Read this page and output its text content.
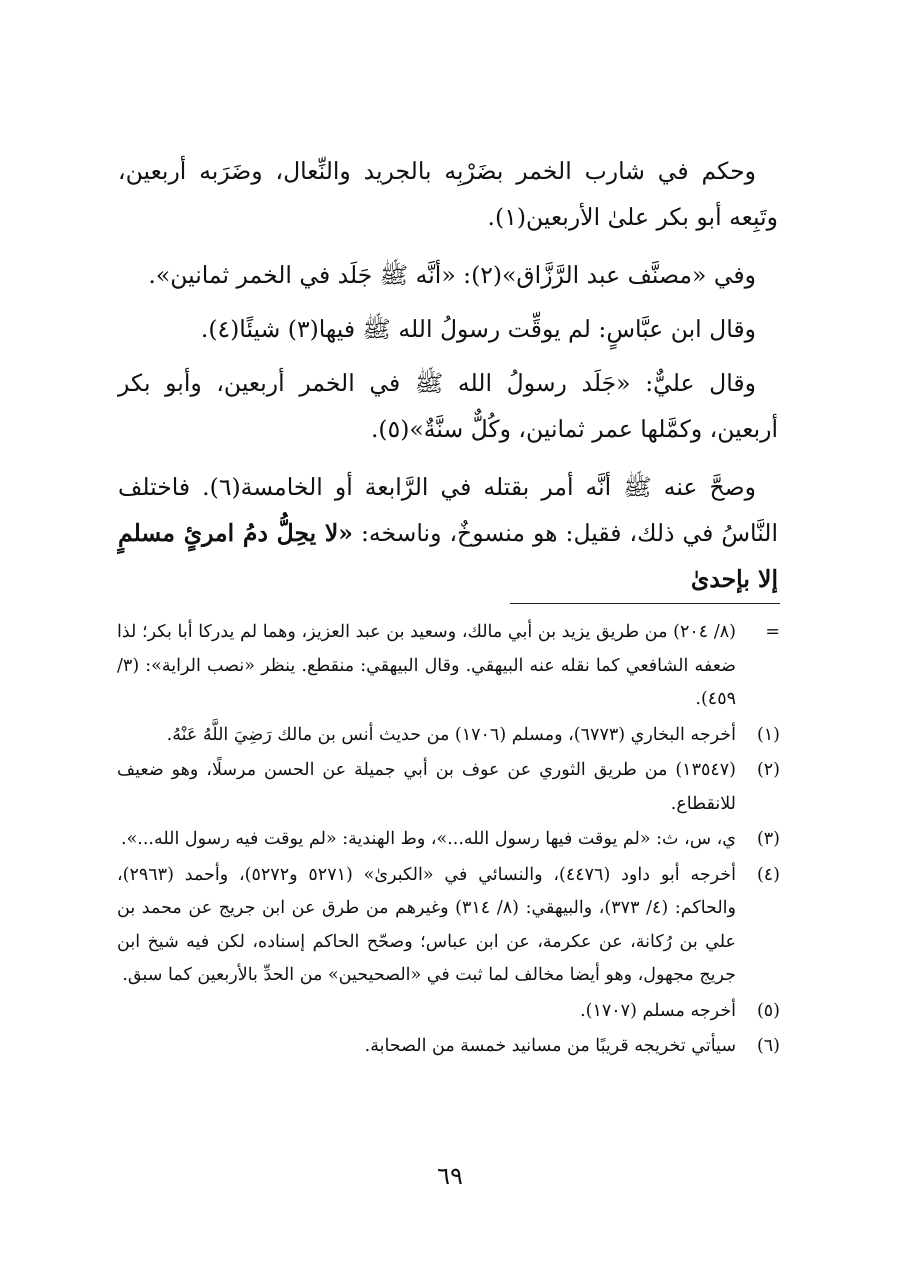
وحكم في شارب الخمر بضَرْبِه بالجريد والنِّعال، وضَرَبه أربعين، وتَبِعه أبو بكر علىٰ الأربعين(١).

وفي «مصنَّف عبد الرَّزَّاق»(٢): «أنَّه ﷺ جَلَد في الخمر ثمانين».

وقال ابن عبَّاسٍ: لم يوقِّت رسولُ الله ﷺ فيها(٣) شيئًا(٤).

وقال عليٌّ: «جَلَد رسولُ الله ﷺ في الخمر أربعين، وأبو بكر أربعين، وكمَّلها عمر ثمانين، وكُلٌّ سنَّةٌ»(٥).

وصحَّ عنه ﷺ أنَّه أمر بقتله في الرَّابعة أو الخامسة(٦). فاختلف النَّاسُ في ذلك، فقيل: هو منسوخٌ، وناسخه: «لا يحِلُّ دمُ امرئٍ مسلمٍ إلا بإحدىٰ

=
(٨/ ٢٠٤) من طريق يزيد بن أبي مالك، وسعيد بن عبد العزيز، وهما لم يدركا أبا بكر؛ لذا ضعفه الشافعي كما نقله عنه البيهقي. وقال البيهقي: منقطع. ينظر «نصب الراية»: (٣/ ٤٥٩).
(١)
أخرجه البخاري (٦٧٧٣)، ومسلم (١٧٠٦) من حديث أنس بن مالك رَضِيَ اللَّهُ عَنْهُ.
(٢)
(١٣٥٤٧) من طريق الثوري عن عوف بن أبي جميلة عن الحسن مرسلًا، وهو ضعيف للانقطاع.
(٣)
ي، س، ث: «لم يوقت فيها رسول الله...»، وط الهندية: «لم يوقت فيه رسول الله...».
(٤)
أخرجه أبو داود (٤٤٧٦)، والنسائي في «الكبرىٰ» (٥٢٧١ و٥٢٧٢)، وأحمد (٢٩٦٣)، والحاكم: (٤/ ٣٧٣)، والبيهقي: (٨/ ٣١٤) وغيرهم من طرق عن ابن جريج عن محمد بن علي بن رُكانة، عن عكرمة، عن ابن عباس؛ وصحّح الحاكم إسناده، لكن فيه شيخ ابن جريج مجهول، وهو أيضا مخالف لما ثبت في «الصحيحين» من الحدِّ بالأربعين كما سبق.
(٥)
أخرجه مسلم (١٧٠٧).
(٦)
سيأتي تخريجه قريبًا من مسانيد خمسة من الصحابة.
٦٩
